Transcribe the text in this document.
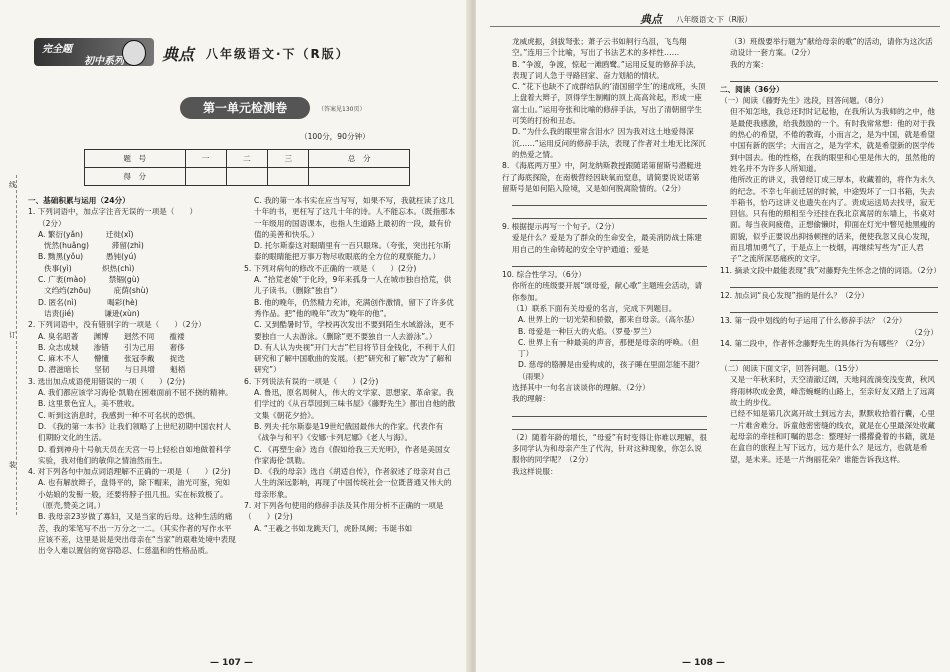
完全题
初中系列 典点 八年级语文·下（R版）
第一单元检测卷	（答案见130页）
（100分，90分钟）
题　号	一	二	三	总　分
得　分				
线
订
装

一、基础积累与运用（24分）

1. 下列词语中，加点字注音无误的一项是（　　）

（2分）

A. 繁衍(yǎn)　　　迁徙(xǐ)

恍然(huǎng)　　　滞留(zhì)

B. 黝黑(yǒu)　　　愚钝(yú)

佚事(yì)　　　　炽热(chì)

C. 广袤(mào)　　　禁锢(gù)

文绉绉(zhōu)　　　庇荫(shù)

D. 匿名(nì)　　　　喝彩(hè)

诘责(jié)　　　　谦逊(xùn)

2. 下列词语中，没有错别字的一项是（　　）（2分）

A. 臭名昭著　　渊博　　迥然不同　　褴褛

B. 众志成城　　渗错　　引为己用　　奢侈

C. 麻木不人　　懵懂　　张冠李戴　　捉迭

D. 潜滋暗长　　坚韧　　与日具增　　魁梧

3. 选出加点成语使用错误的一项（　　）(2分)

A. 我们都应该学习海伦·凯勒在困难面前不屈不挠的精神。

B. 这里景色宜人，美不胜收。

C. 听到这消息时，我感到一种不可名状的恐惧。

D. 《我的第一本书》让我们领略了上世纪初期中国农村人们期盼文化的生活。

D. 看到神舟十号航天员在天宫一号上轻松自如地做着科学实验，我对他们的敏仰之情油然而生。

4. 对下列各句中加点词语理解不正确的一项是（　　）(2分)

A. 也有解放辫子，盘得平的，除下帽来，油光可鉴，宛如小姑娘的发髻一般，还要将脖子扭几扭。实在标致极了。（原壳,赞美之词。）

B. 我母亲23岁做了寡妇，又是当家的后母。这种生活的痛苦，我的笨笔写不出一万分之一二。（其实作者的写作水平应该不差，这里是说是突出母亲在“当家”的艰难处境中表现出令人难以置信的宽容隐忍、仁慈温和的性格品质。

C. 我的第一本书实在应当写写，如果不写，我就枉读了这几十年的书，更枉写了这几十年的诗。人不能忘本。（既指那本一年级用的国语课本，也指人生道路上最初的一段，最有价值的美善和快乐。）

D. 托尔斯泰这对眼睛里有一百只眼珠。（夸张，突出托尔斯泰的眼睛能把万事万物尽收眼底的全方位的观察能力。）

5. 下列对病句的修改不正确的一项是（　　）(2分)

A. “拾荒老娘”于化玲，9年来孤身一人在城市独自拾荒，供儿子读书。（删除“独自”）

B. 他的晚年，仍然精力充沛，充满创作激情，留下了许多优秀作品。把“他的晚年”改为“晚年的他”。

C. 又到酷暑时节，学校再次发出不要到陌生水域游泳，更不要独自一人去游泳。（删除“更不要独自一人去游泳”。）

D. 有人认为央视“开门大吉”栏目将节目金钱化，不利于人们研究和了解中国歌曲的发展。（把“研究和了解”改为“了解和研究”）

6. 下列说法有误的一项是（　　）(2分)

A. 鲁迅，原名周树人，伟大的文学家、思想家、革命家。我们学过的《从百草园到三味书屋》《藤野先生》都出自他的散文集《朝花夕拾》。

B. 列夫·托尔斯泰是19世纪俄国最伟大的作家。代表作有《战争与和平》《安娜·卡列尼娜》《老人与海》。

C. 《再塑生命》选自《假如给我三天光明》，作者是美国女作家海伦·凯勒。

D. 《我的母亲》选自《胡适自传》，作者叙述了母亲对自己人生的深远影响，再现了中国传统社会一位既普通又伟大的母亲形象。

7. 对下列各句使用的修辞手法及其作用分析不正确的一项是（　　）(2分)

A. “王羲之书如龙跳天门，虎卧凤阙；韦诞书如

— 107 —
典点 八年级语文·下（R版）

龙威虎振，剑拔弩张；萧子云书如舸行乌沮，飞鸟翔空。”连用三个比喻，写出了书法艺术的多样性……

B. “争渡，争渡，惊起一滩鸥鹭。”运用反复的修辞手法，表现了词人急于寻路回家、奋力划船的情状。

C. “花下也缺不了成群结队的‘清国留学生’的速成班，头顶上盘着大辫子，顶得学生制帽的顶上高高耸起，形成一座富士山。”运用夸张和比喻的修辞手法，写出了清朝留学生可笑的打扮和丑态。

D. “为什么我的眼里常含泪水？因为我对这土地爱得深沉……”运用反问的修辞手法，表现了作者对土地无比深沉的热爱之情。

8. 《海底两万里》中，阿龙纳斯教授跟随诺第留斯号潜艇进行了海底探险，在南极营经因缺氧而窒息，请简要说说诺第留斯号是如何陷入险境，又是如何脱离险情的。（2分）

9. 根据提示再写一个句子。（2分）

爱是什么？爱是为了群众的生命安全，最美消防战士陈建用自己的生命铸起的安全守护通道；爱是

10. 综合性学习。（6分）

你所在的班级要开展“颂母爱，献心歌”主题班会活动，请你参加。

（1）联系下面有关母爱的名言，完成下列题目。

A. 世界上的一切光荣和骄傲，都来自母亲。（高尔基）

B. 母爱是一种巨大的火焰。（罗曼·罗兰）

C. 世界上有一种最美的声音，那便是母亲的呼唤。（但丁）

D. 慈母的胳膊是由爱构成的，孩子睡在里面怎能不甜？（雨果）

选择其中一句名言谈谈你的理解。（2分）

我的理解：

（2）随着年龄的增长，“母爱”有时变得让你难以理解，很多同学认为和母亲产生了代沟，针对这种现象，你怎么说服你的同学呢？（2分）

我这样说服：

（3）班级要举行题为“献给母亲的歌”的活动，请你为这次活动设计一套方案。（2分）

我的方案：

二、阅读（36分）

（一）阅读《藤野先生》选段，回答问题。（8分）

但不知怎地，我总还时时记起他，在我所认为我师的之中，他是最使我感激，给我鼓励的一个。有时我常常想：他的对于我的热心的希望，不倦的教诲，小而言之，是为中国，就是希望中国有新的医学；大而言之，是为学术，就是希望新的医学传到中国去。他的性格，在我的眼里和心里是伟大的，虽然他的姓名并不为许多人所知道。

他所改正的讲义，我曾经订成三厚本，收藏着的，将作为永久的纪念。不幸七年前迁居的时候，中途毁坏了一口书箱，失去半箱书，恰巧这讲义也遗失在内了。责成运送局去找寻，寂无回信。只有他的照相至今还挂在我北京寓居的东墙上，书桌对面。每当夜间疲倦，正想偷懒时，仰面在灯光中瞥见他黑瘦的面貌，似乎正要说出抑扬顿挫的话来，便使我忽又良心发现，而且增加勇气了，于是点上一枝烟，再继续写些为“正人君子”之流所深恶痛疾的文字。

11. 摘录文段中最能表现“我”对藤野先生怀念之情的词语。（2分）

12. 加点词“良心发现”指的是什么？（2分）

13. 第一段中划线的句子运用了什么修辞手法？（2分）

（2分）

14. 第二段中，作者怀念藤野先生的具体行为有哪些？（2分）

（二）阅读下面文字，回答问题。（15分）

又是一年秋来时，天空清澈辽阔，天地间流淌变浅变黄，秋风将雨林吹成金黄，峰峦蜿蜒的山路上，至亲好友又踏上了远离故土的步伐。

已经不知是第几次离开故土到远方去，默默收拾着行囊，心里一片难舍难分。诉童他密密缝的线衣，就是在心里最深处收藏起母亲的牵挂和叮嘱的思念：整理好一撂撂叠着的书籍，就是在盒自的旅程上写下远方，远方是什么？是远方，也就是希望，是未来。还是一片绚丽花朵？谁能告诉我这样。

— 108 —
